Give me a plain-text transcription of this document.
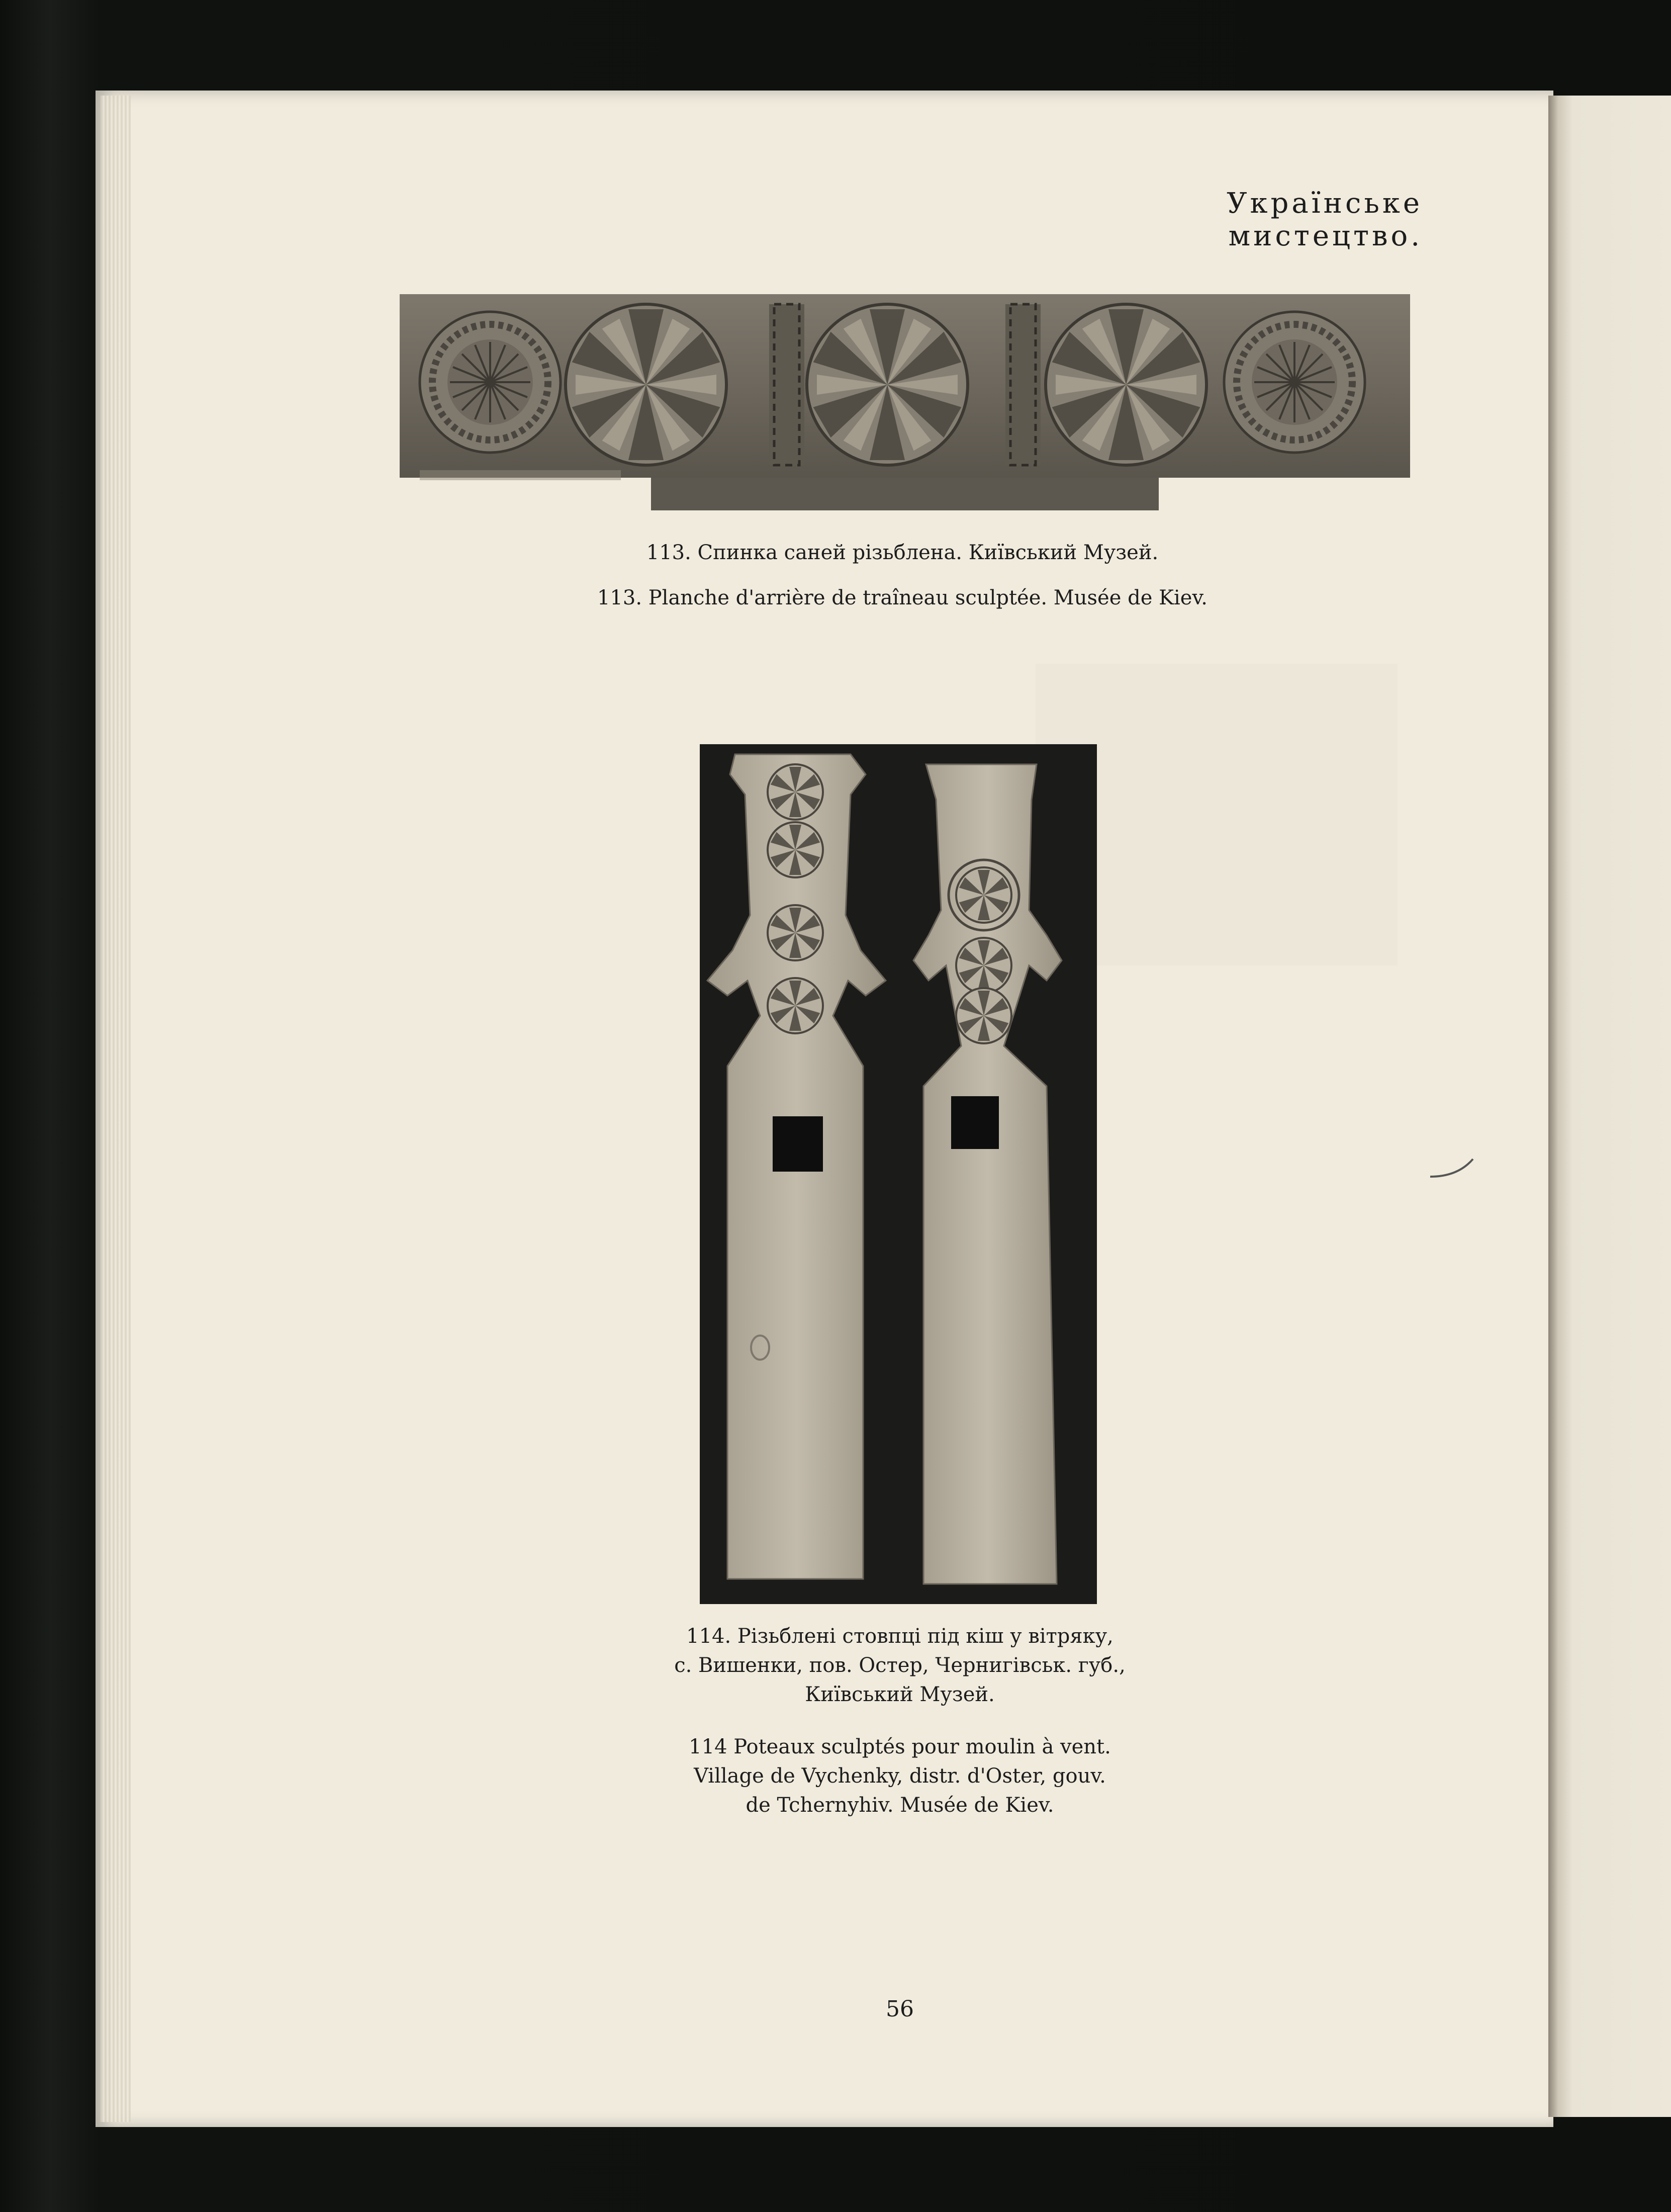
Українське мистецтво.
113. Спинка саней різьблена. Київський Музей.
113. Planche d'arrière de traîneau sculptée. Musée de Kiev.
114. Різьблені стовпці під кіш у вітряку,
с. Вишенки, пов. Остер, Чернигівськ. губ.,
Київський Музей.
114 Poteaux sculptés pour moulin à vent.
Village de Vychenky, distr. d'Oster, gouv.
de Tchernyhiv. Musée de Kiev.
56
